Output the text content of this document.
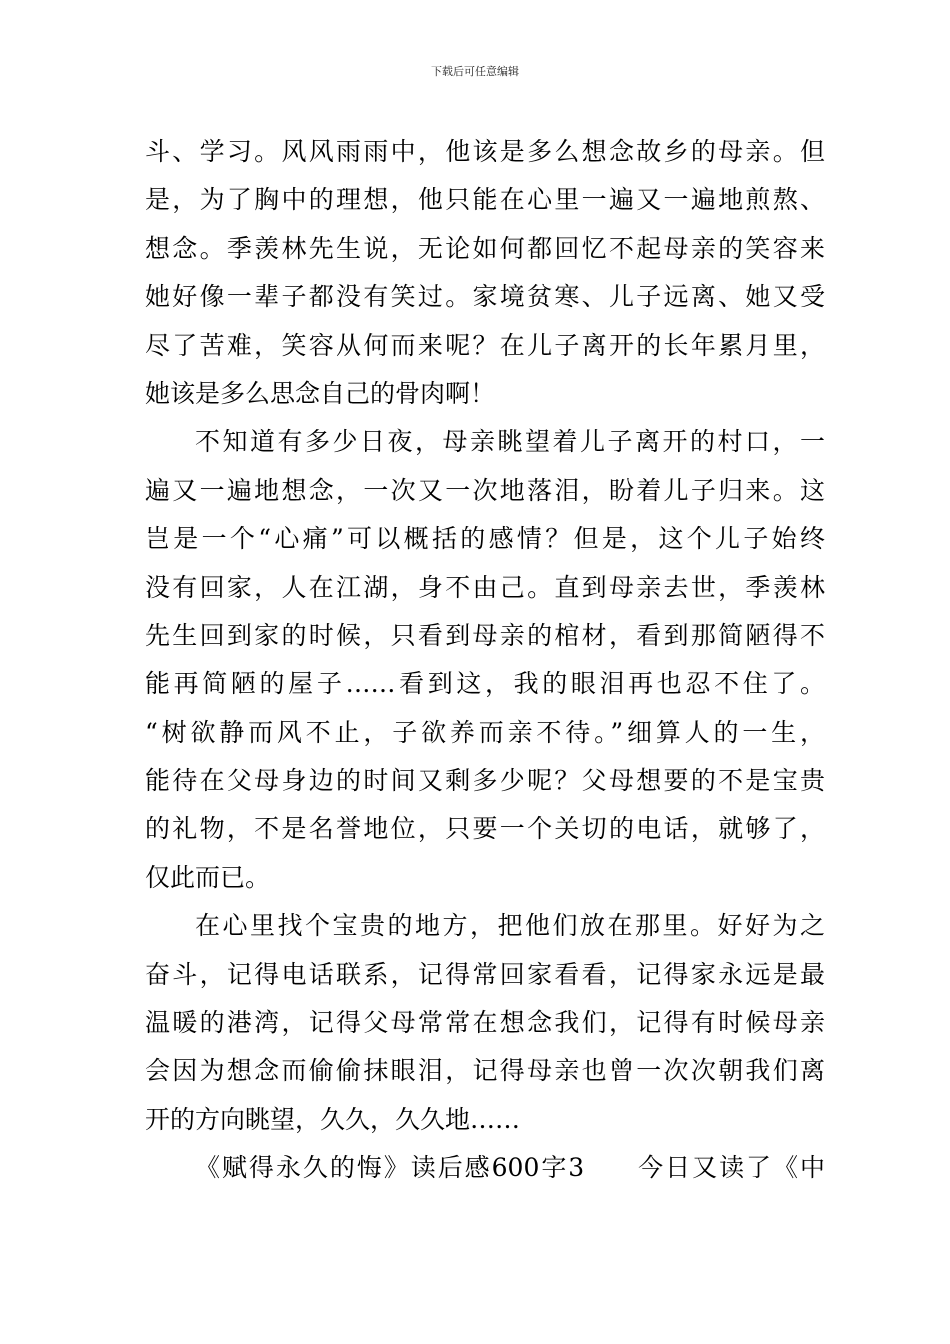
下载后可任意编辑
斗、学习。风风雨雨中，他该是多么想念故乡的母亲。但
是，为了胸中的理想，他只能在心里一遍又一遍地煎熬、
想念。季羡林先生说，无论如何都回忆不起母亲的笑容来
她好像一辈子都没有笑过。家境贫寒、儿子远离、她又受
尽了苦难，笑容从何而来呢？在儿子离开的长年累月里，
她该是多么思念自己的骨肉啊！
不知道有多少日夜，母亲眺望着儿子离开的村口，一
遍又一遍地想念，一次又一次地落泪，盼着儿子归来。这
岂是一个“心痛”可以概括的感情？但是，这个儿子始终
没有回家，人在江湖，身不由己。直到母亲去世，季羡林
先生回到家的时候，只看到母亲的棺材，看到那简陋得不
能再简陋的屋子……看到这，我的眼泪再也忍不住了。
“树欲静而风不止，子欲养而亲不待。”细算人的一生，
能待在父母身边的时间又剩多少呢？父母想要的不是宝贵
的礼物，不是名誉地位，只要一个关切的电话，就够了，
仅此而已。
在心里找个宝贵的地方，把他们放在那里。好好为之
奋斗，记得电话联系，记得常回家看看，记得家永远是最
温暖的港湾，记得父母常常在想念我们，记得有时候母亲
会因为想念而偷偷抹眼泪，记得母亲也曾一次次朝我们离
开的方向眺望，久久，久久地……
《赋得永久的悔》读后感600字3 今日又读了《中
